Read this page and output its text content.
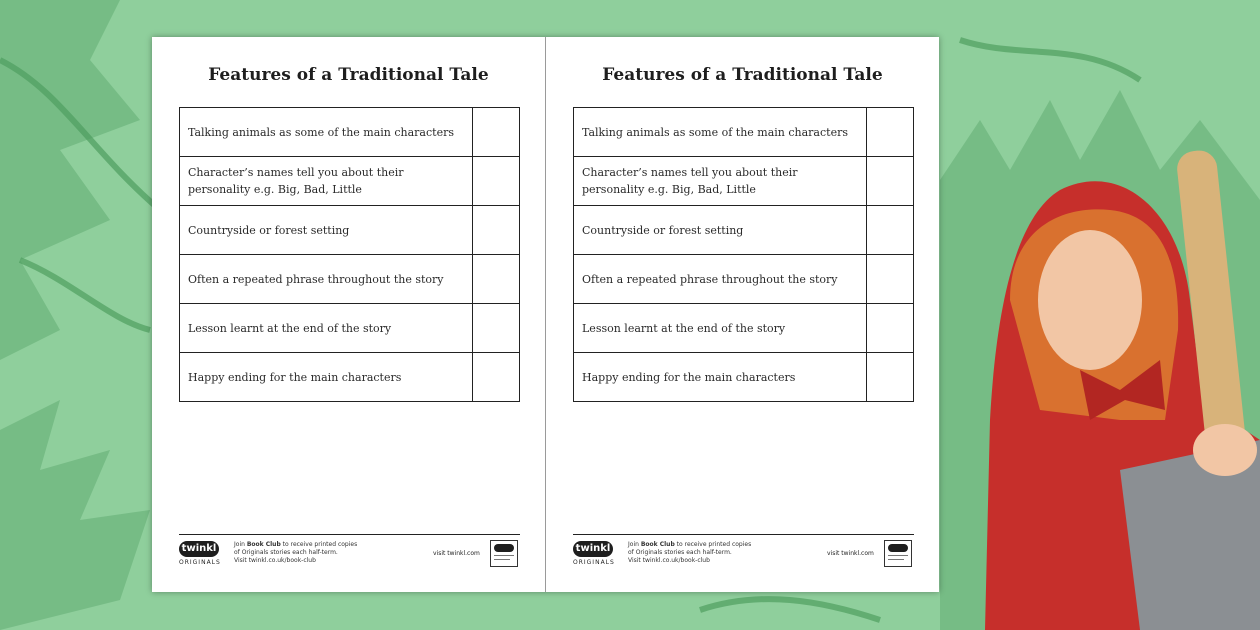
Features of a Traditional Tale
Talking animals as some of the main characters	
Character’s names tell you about their personality e.g. Big, Bad, Little	
Countryside or forest setting	
Often a repeated phrase throughout the story	
Lesson learnt at the end of the story	
Happy ending for the main characters	
twinkl
ORIGINALS
Join Book Club to receive printed copies
of Originals stories each half-term.
Visit twinkl.co.uk/book-club
visit twinkl.com
Features of a Traditional Tale
Talking animals as some of the main characters	
Character’s names tell you about their personality e.g. Big, Bad, Little	
Countryside or forest setting	
Often a repeated phrase throughout the story	
Lesson learnt at the end of the story	
Happy ending for the main characters	
twinkl
ORIGINALS
Join Book Club to receive printed copies
of Originals stories each half-term.
Visit twinkl.co.uk/book-club
visit twinkl.com
